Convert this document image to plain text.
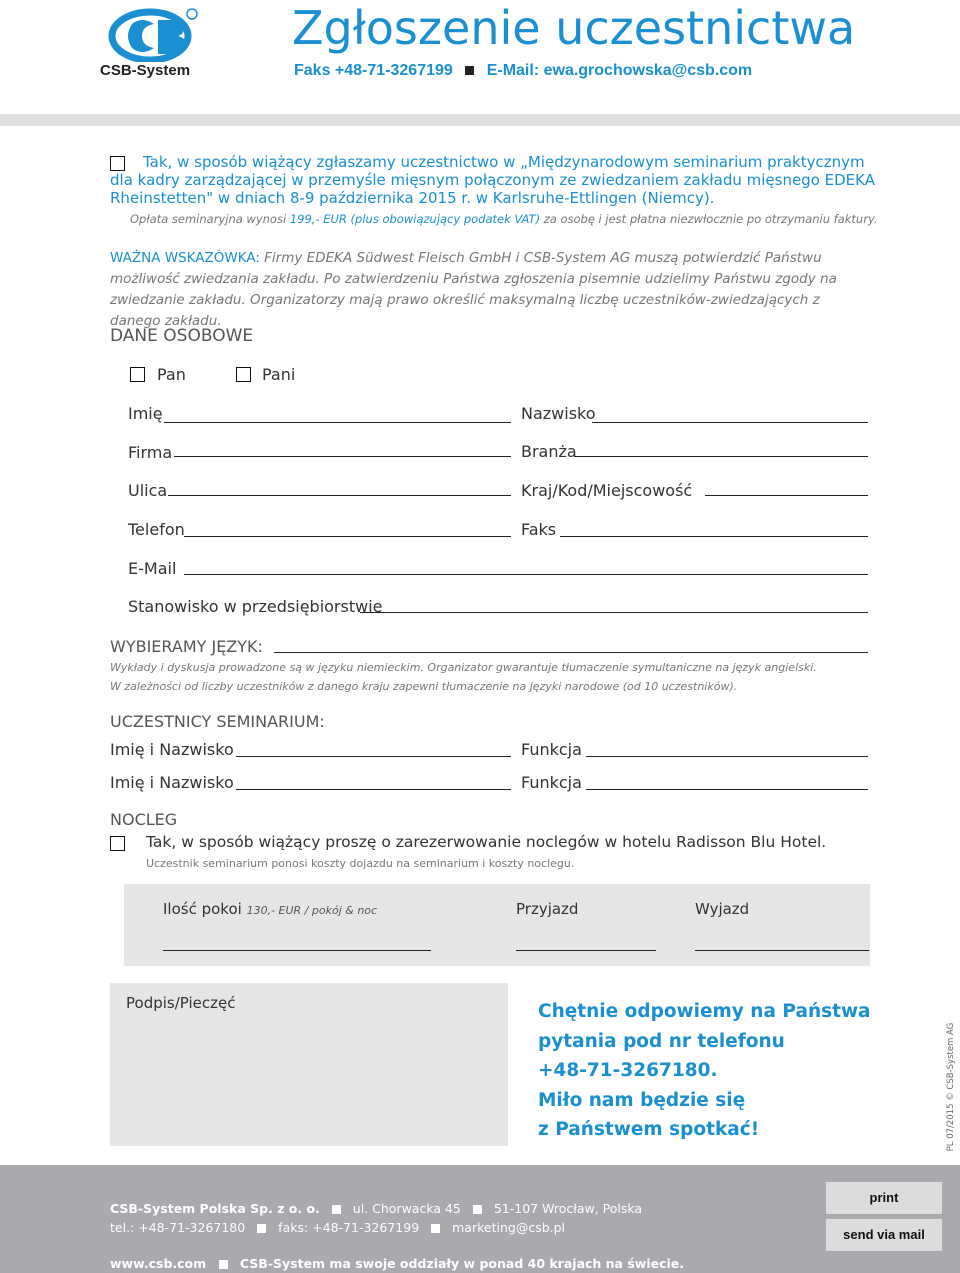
CSB-System
Zgłoszenie uczestnictwa
Faks +48-71-3267199 E-Mail: ewa.grochowska@csb.com
Tak, w sposób wiążący zgłaszamy uczestnictwo w „Międzynarodowym seminarium praktycznym dla kadry zarządzającej w przemyśle mięsnym połączonym ze zwiedzaniem zakładu mięsnego EDEKA Rheinstetten" w dniach 8-9 października 2015 r. w Karlsruhe-Ettlingen (Niemcy).
Opłata seminaryjna wynosi 199,- EUR (plus obowiązujący podatek VAT) za osobę i jest płatna niezwłocznie po otrzymaniu faktury.
WAŻNA WSKAZÓWKA: Firmy EDEKA Südwest Fleisch GmbH i CSB-System AG muszą potwierdzić Państwu możliwość zwiedzania zakładu. Po zatwierdzeniu Państwa zgłoszenia pisemnie udzielimy Państwu zgody na zwiedzanie zakładu. Organizatorzy mają prawo określić maksymalną liczbę uczestników-zwiedzających z danego zakładu.
DANE OSOBOWE
Pan	Pani
Imię	Nazwisko
Firma	Branża
Ulica	Kraj/Kod/Miejscowość
Telefon	Faks
E-Mail
Stanowisko w przedsiębiorstwie
WYBIERAMY JĘZYK:
Wykłady i dyskusja prowadzone są w języku niemieckim. Organizator gwarantuje tłumaczenie symultaniczne na język angielski.
W zależności od liczby uczestników z danego kraju zapewni tłumaczenie na języki narodowe (od 10 uczestników).
UCZESTNICY SEMINARIUM:
Imię i Nazwisko	Funkcja
Imię i Nazwisko	Funkcja
NOCLEG
Tak, w sposób wiążący proszę o zarezerwowanie noclegów w hotelu Radisson Blu Hotel.
Uczestnik seminarium ponosi koszty dojazdu na seminarium i koszty noclegu.
Ilość pokoi 130,- EUR / pokój & noc	Przyjazd	Wyjazd
Podpis/Pieczęć	Chętnie odpowiemy na Państwa
pytania pod nr telefonu
+48-71-3267180.
Miło nam będzie się
z Państwem spotkać!	PL 07/2015 © CSB-System AG
CSB-System Polska Sp. z o. o.	ul. Chorwacka 45	51-107 Wrocław, Polska
tel.: +48-71-3267180	faks: +48-71-3267199	marketing@csb.pl
www.csb.com	CSB-System ma swoje oddziały w ponad 40 krajach na świecie.
print
send via mail
